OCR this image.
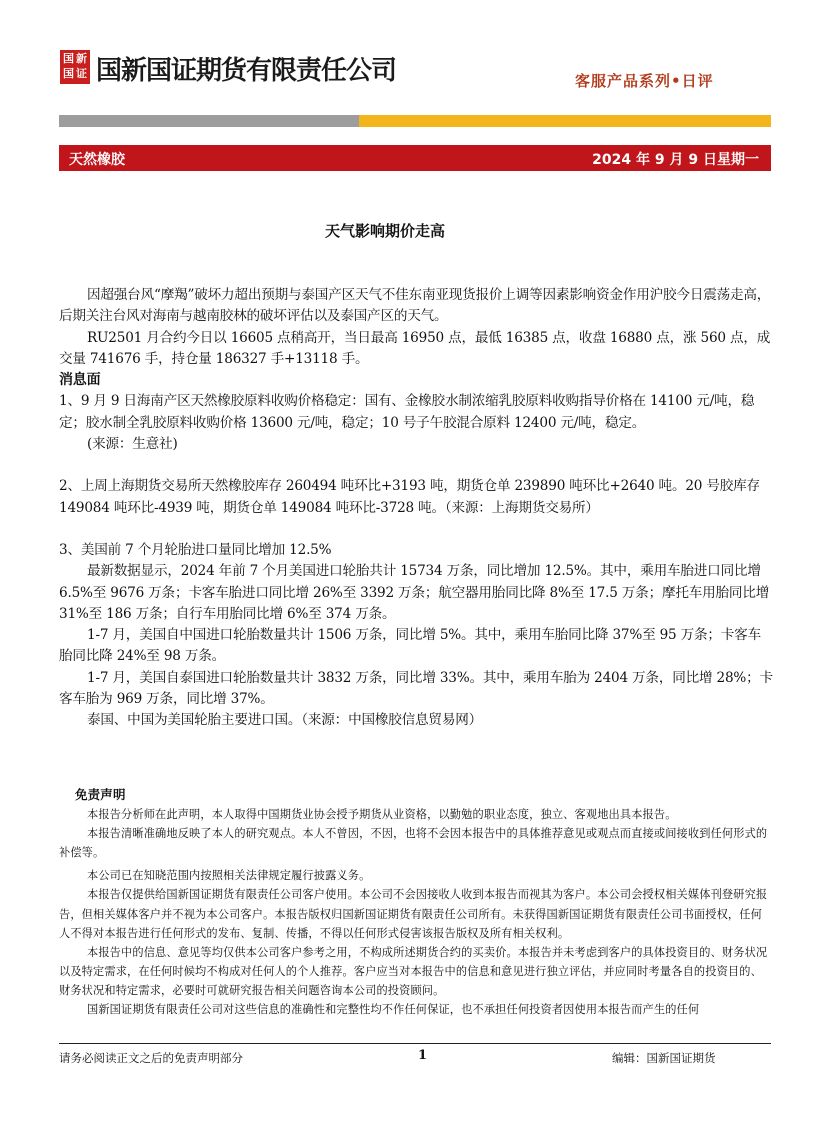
国 新
国 证 国新国证期货有限责任公司	客服产品系列•日评
天然橡胶	2024 年 9 月 9 日星期一
天气影响期价走高

因超强台风“摩羯”破坏力超出预期与泰国产区天气不佳东南亚现货报价上调等因素影响资金作用沪胶今日震荡走高，后期关注台风对海南与越南胶林的破坏评估以及泰国产区的天气。

RU2501 月合约今日以 16605 点稍高开，当日最高 16950 点，最低 16385 点，收盘 16880 点，涨 560 点，成交量 741676 手，持仓量 186327 手+13118 手。

消息面

1、9 月 9 日海南产区天然橡胶原料收购价格稳定：国有、金橡胶水制浓缩乳胶原料收购指导价格在 14100 元/吨，稳定；胶水制全乳胶原料收购价格 13600 元/吨，稳定；10 号子午胶混合原料 12400 元/吨，稳定。

(来源：生意社)

2、上周上海期货交易所天然橡胶库存 260494 吨环比+3193 吨，期货仓单 239890 吨环比+2640 吨。20 号胶库存 149084 吨环比-4939 吨，期货仓单 149084 吨环比-3728 吨。（来源：上海期货交易所）

3、美国前 7 个月轮胎进口量同比增加 12.5%

最新数据显示，2024 年前 7 个月美国进口轮胎共计 15734 万条，同比增加 12.5%。其中，乘用车胎进口同比增 6.5%至 9676 万条；卡客车胎进口同比增 26%至 3392 万条；航空器用胎同比降 8%至 17.5 万条；摩托车用胎同比增 31%至 186 万条；自行车用胎同比增 6%至 374 万条。

1-7 月，美国自中国进口轮胎数量共计 1506 万条，同比增 5%。其中，乘用车胎同比降 37%至 95 万条；卡客车胎同比降 24%至 98 万条。

1-7 月，美国自泰国进口轮胎数量共计 3832 万条，同比增 33%。其中，乘用车胎为 2404 万条，同比增 28%；卡客车胎为 969 万条，同比增 37%。

泰国、中国为美国轮胎主要进口国。（来源：中国橡胶信息贸易网）

免责声明

本报告分析师在此声明，本人取得中国期货业协会授予期货从业资格，以勤勉的职业态度，独立、客观地出具本报告。

本报告清晰准确地反映了本人的研究观点。本人不曾因，不因，也将不会因本报告中的具体推荐意见或观点而直接或间接收到任何形式的补偿等。

本公司已在知晓范围内按照相关法律规定履行披露义务。

本报告仅提供给国新国证期货有限责任公司客户使用。本公司不会因接收人收到本报告而视其为客户。本公司会授权相关媒体刊登研究报告，但相关媒体客户并不视为本公司客户。本报告版权归国新国证期货有限责任公司所有。未获得国新国证期货有限责任公司书面授权，任何人不得对本报告进行任何形式的发布、复制、传播，不得以任何形式侵害该报告版权及所有相关权利。

本报告中的信息、意见等均仅供本公司客户参考之用，不构成所述期货合约的买卖价。本报告并未考虑到客户的具体投资目的、财务状况以及特定需求，在任何时候均不构成对任何人的个人推荐。客户应当对本报告中的信息和意见进行独立评估，并应同时考量各自的投资目的、财务状况和特定需求，必要时可就研究报告相关问题咨询本公司的投资顾问。

国新国证期货有限责任公司对这些信息的准确性和完整性均不作任何保证，也不承担任何投资者因使用本报告而产生的任何

请务必阅读正文之后的免责声明部分	1	编辑：国新国证期货
